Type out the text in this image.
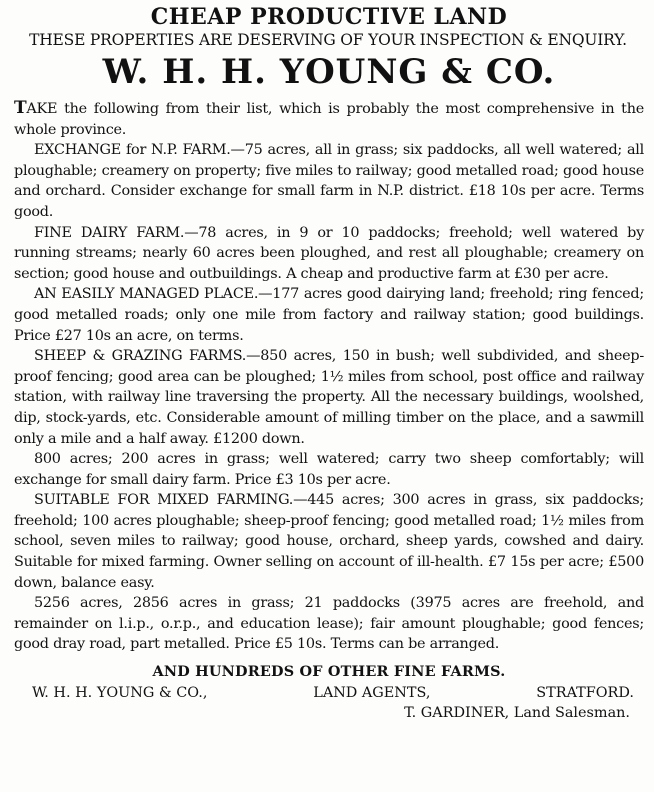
CHEAP PRODUCTIVE LAND
THESE PROPERTIES ARE DESERVING OF YOUR INSPECTION & ENQUIRY.
W. H. H. YOUNG & CO.

TAKE the following from their list, which is probably the most comprehensive in the whole province.

EXCHANGE for N.P. FARM.—75 acres, all in grass; six paddocks, all well watered; all ploughable; creamery on property; five miles to railway; good metalled road; good house and orchard. Consider exchange for small farm in N.P. district. £18 10s per acre. Terms good.

FINE DAIRY FARM.—78 acres, in 9 or 10 paddocks; freehold; well watered by running streams; nearly 60 acres been ploughed, and rest all ploughable; creamery on section; good house and outbuildings. A cheap and productive farm at £30 per acre.

AN EASILY MANAGED PLACE.—177 acres good dairying land; freehold; ring fenced; good metalled roads; only one mile from factory and railway station; good buildings. Price £27 10s an acre, on terms.

SHEEP & GRAZING FARMS.—850 acres, 150 in bush; well subdivided, and sheep-proof fencing; good area can be ploughed; 1½ miles from school, post office and railway station, with railway line traversing the property. All the necessary buildings, woolshed, dip, stock-yards, etc. Considerable amount of milling timber on the place, and a sawmill only a mile and a half away. £1200 down.

800 acres; 200 acres in grass; well watered; carry two sheep comfortably; will exchange for small dairy farm. Price £3 10s per acre.

SUITABLE FOR MIXED FARMING.—445 acres; 300 acres in grass, six paddocks; freehold; 100 acres ploughable; sheep-proof fencing; good metalled road; 1½ miles from school, seven miles to railway; good house, orchard, sheep yards, cowshed and dairy. Suitable for mixed farming. Owner selling on account of ill-health. £7 15s per acre; £500 down, balance easy.

5256 acres, 2856 acres in grass; 21 paddocks (3975 acres are freehold, and remainder on l.i.p., o.r.p., and education lease); fair amount ploughable; good fences; good dray road, part metalled. Price £5 10s. Terms can be arranged.

AND HUNDREDS OF OTHER FINE FARMS.
W. H. H. YOUNG & CO.,	LAND AGENTS,	STRATFORD.
T. GARDINER, Land Salesman.
